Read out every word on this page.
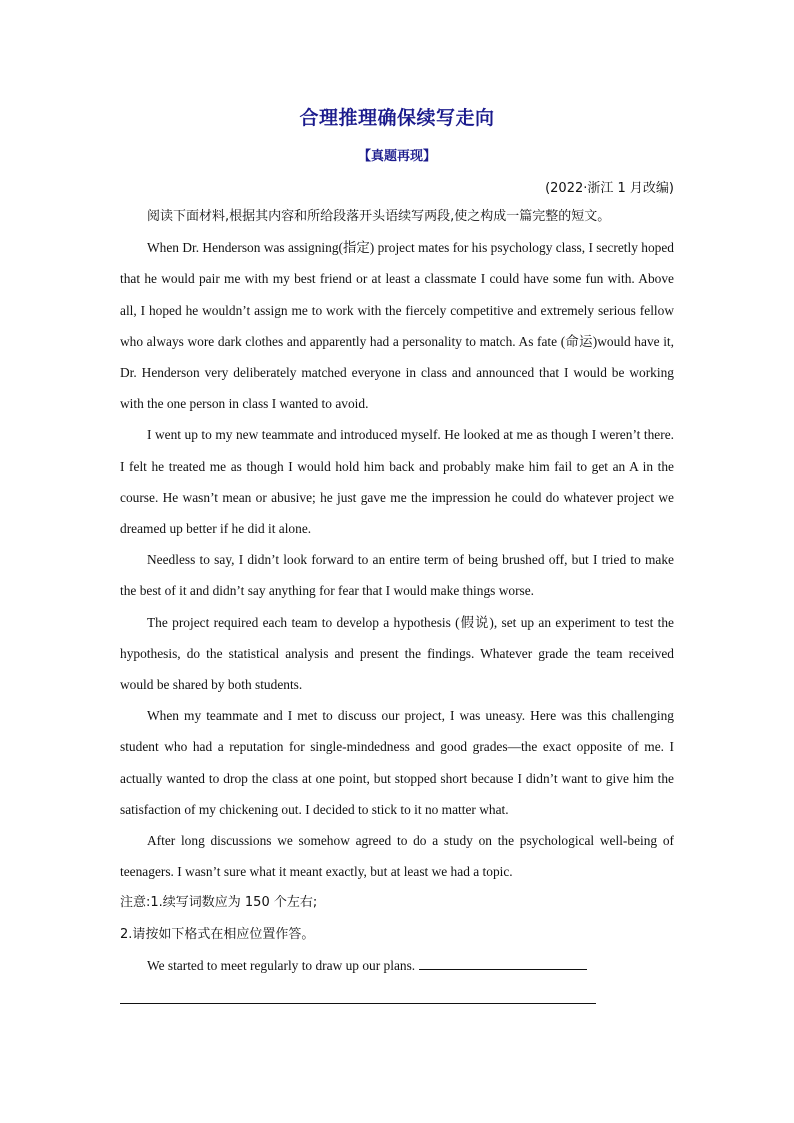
合理推理确保续写走向
【真题再现】
(2022·浙江 1 月改编)

阅读下面材料,根据其内容和所给段落开头语续写两段,使之构成一篇完整的短文。

When Dr. Henderson was assigning(指定) project mates for his psychology class, I secretly hoped that he would pair me with my best friend or at least a classmate I could have some fun with. Above all, I hoped he wouldn’t assign me to work with the fiercely competitive and extremely serious fellow who always wore dark clothes and apparently had a personality to match. As fate (命运)would have it, Dr. Henderson very deliberately matched everyone in class and announced that I would be working with the one person in class I wanted to avoid.

I went up to my new teammate and introduced myself. He looked at me as though I weren’t there. I felt he treated me as though I would hold him back and probably make him fail to get an A in the course. He wasn’t mean or abusive; he just gave me the impression he could do whatever project we dreamed up better if he did it alone.

Needless to say, I didn’t look forward to an entire term of being brushed off, but I tried to make the best of it and didn’t say anything for fear that I would make things worse.

The project required each team to develop a hypothesis (假说), set up an experiment to test the hypothesis, do the statistical analysis and present the findings. Whatever grade the team received would be shared by both students.

When my teammate and I met to discuss our project, I was uneasy. Here was this challenging student who had a reputation for single-mindedness and good grades—the exact opposite of me. I actually wanted to drop the class at one point, but stopped short because I didn’t want to give him the satisfaction of my chickening out. I decided to stick to it no matter what.

After long discussions we somehow agreed to do a study on the psychological well-being of teenagers. I wasn’t sure what it meant exactly, but at least we had a topic.

注意:1.续写词数应为 150 个左右;

2.请按如下格式在相应位置作答。

We started to meet regularly to draw up our plans.
